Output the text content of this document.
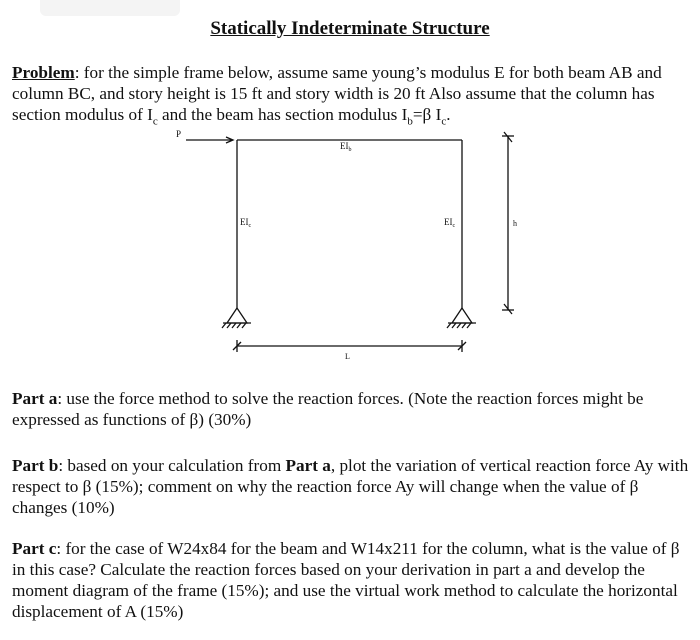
Statically Indeterminate Structure

Problem: for the simple frame below, assume same young’s modulus E for both beam AB and column BC, and story height is 15 ft and story width is 20 ft Also assume that the column has section modulus of $I_c$ and the beam has section modulus $I_b=\beta$ $I_c$.

P
$EI_b$
$EI_c$	$EI_c$	h
L

Part a: use the force method to solve the reaction forces. (Note the reaction forces might be expressed as functions of β) (30%)

Part b: based on your calculation from Part a, plot the variation of vertical reaction force Ay with respect to β (15%); comment on why the reaction force Ay will change when the value of β changes (10%)

Part c: for the case of W24x84 for the beam and W14x211 for the column, what is the value of β in this case? Calculate the reaction forces based on your derivation in part a and develop the moment diagram of the frame (15%); and use the virtual work method to calculate the horizontal displacement of A (15%)
